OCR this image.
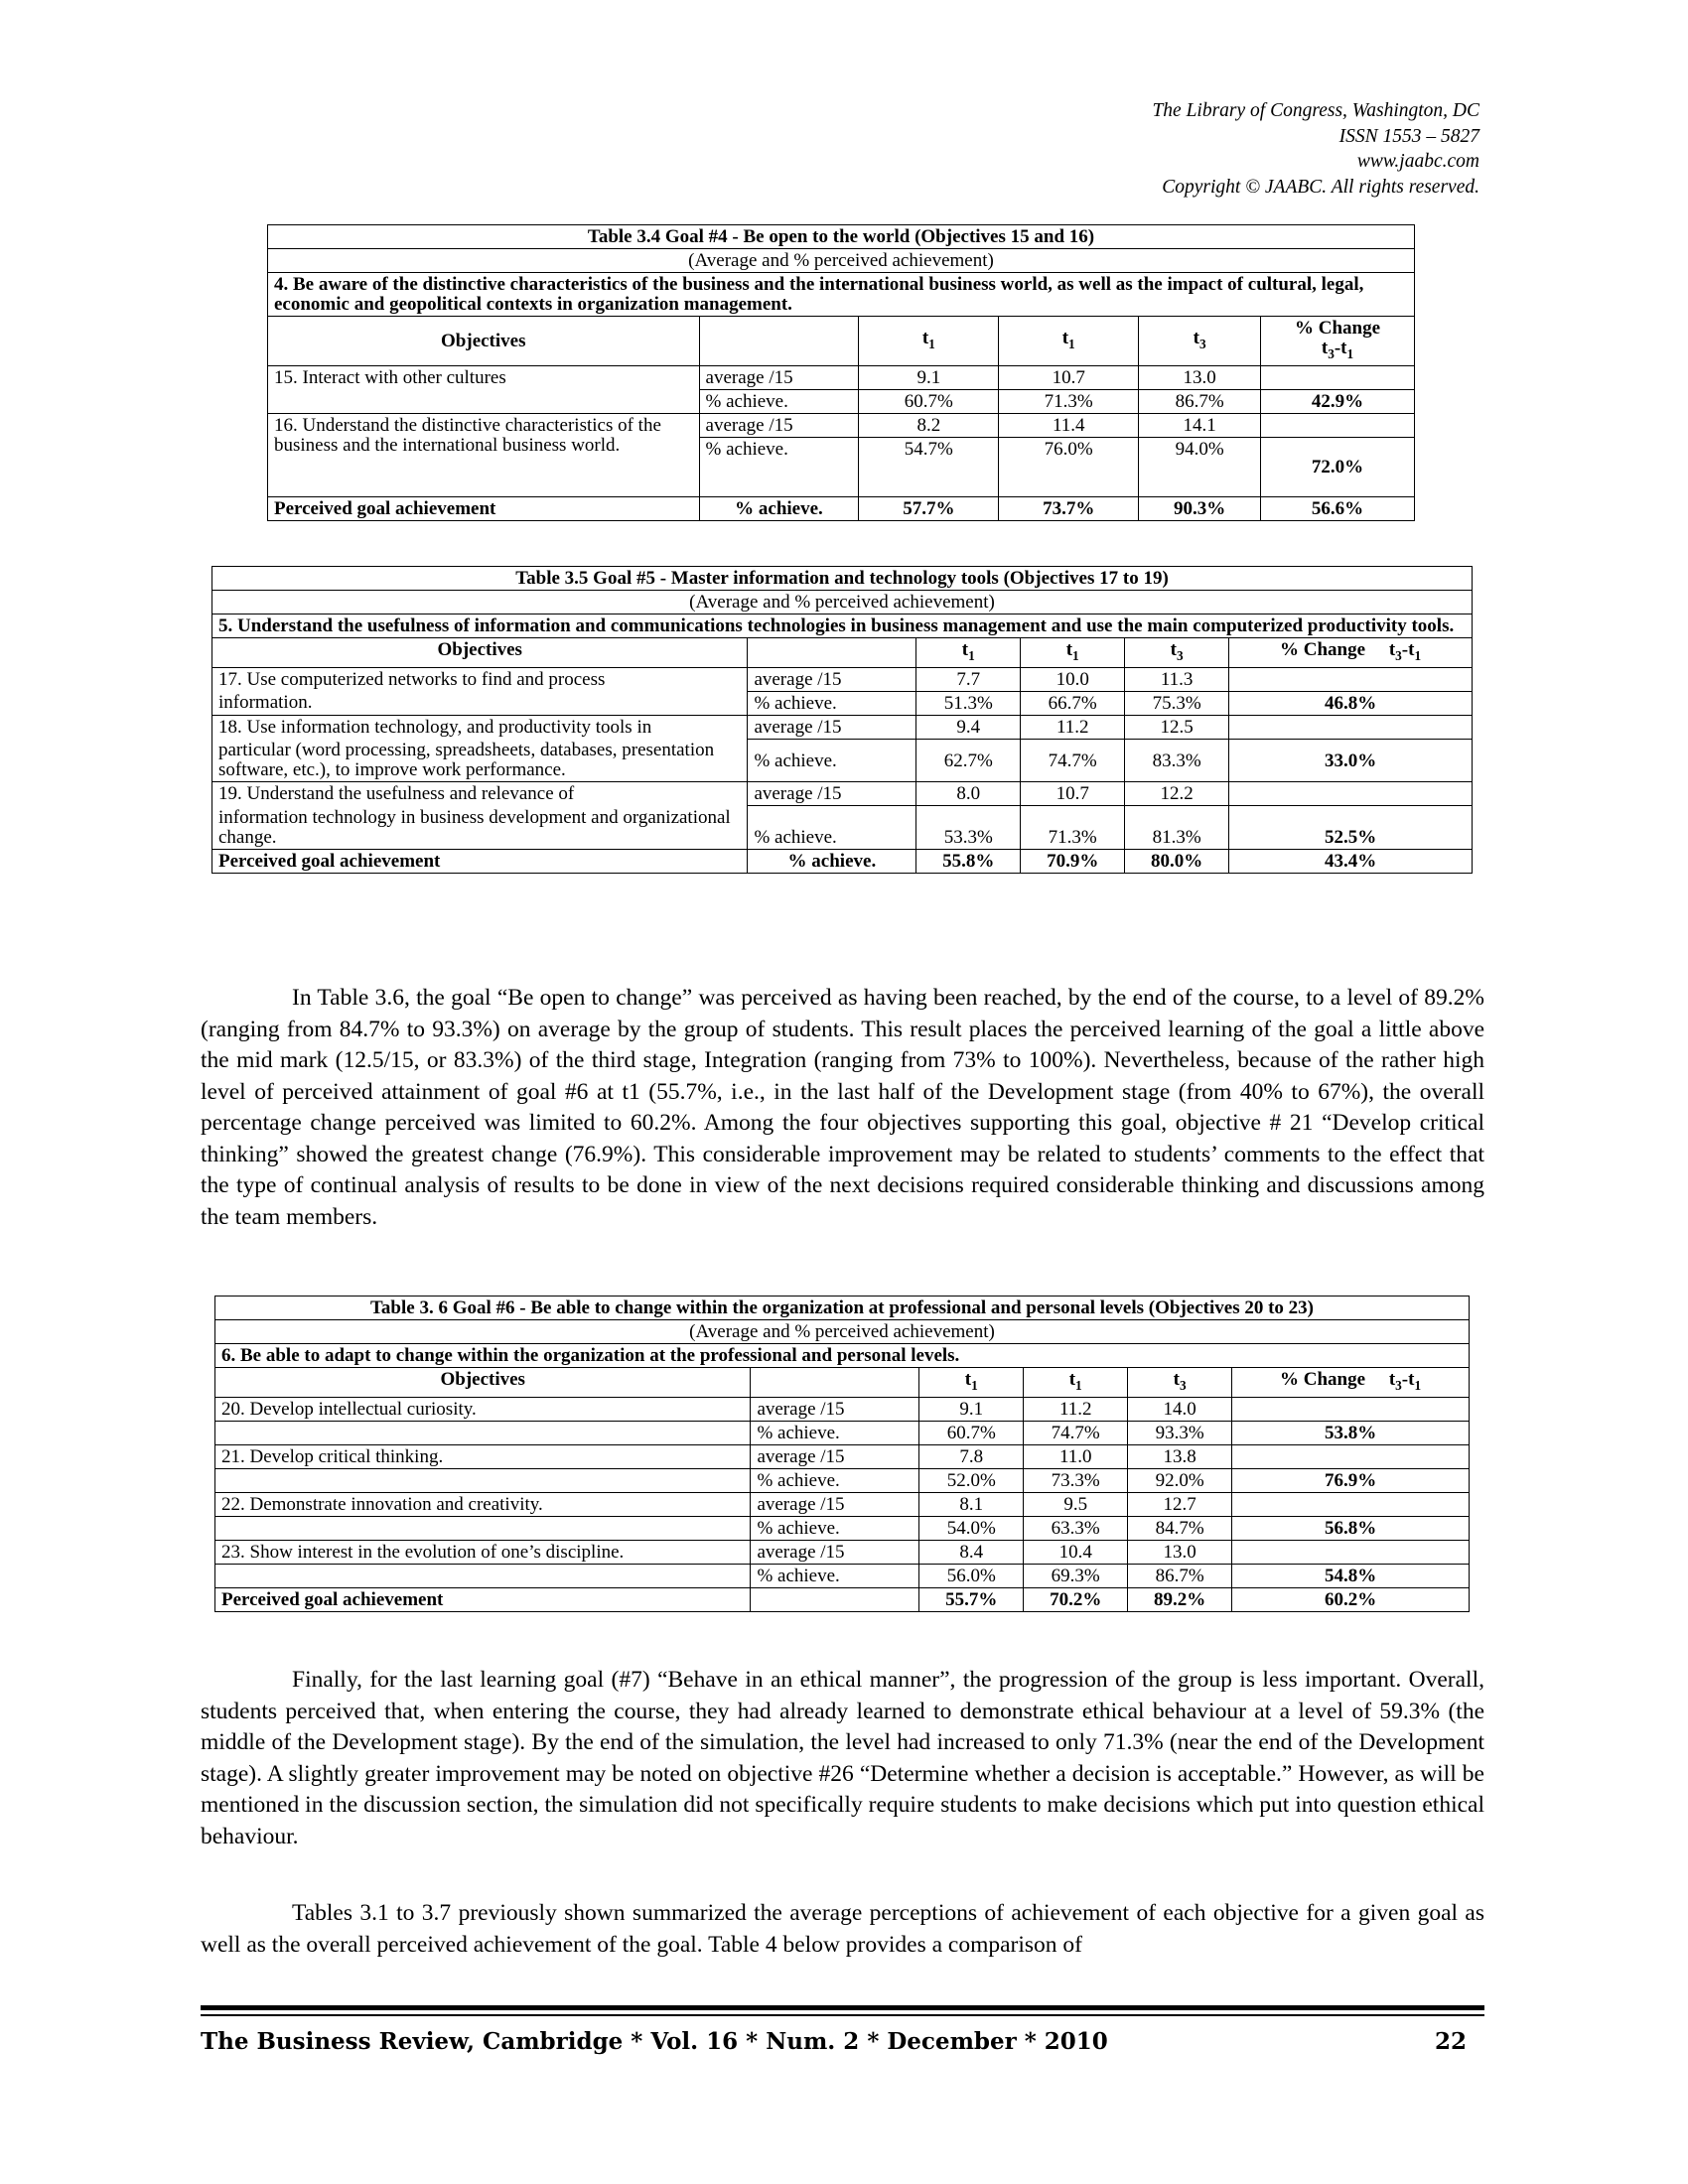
The Library of Congress, Washington, DC
ISSN 1553 – 5827
www.jaabc.com
Copyright © JAABC. All rights reserved.
Table 3.4 Goal #4 - Be open to the world (Objectives 15 and 16)					
(Average and % perceived achievement)					
4. Be aware of the distinctive characteristics of the business and the international business world, as well as the impact of cultural, legal, economic and geopolitical contexts in organization management.					
Objectives		$t_1$	$t_1$	$t_3$	% Change
$t_3-t_1$

15. Interact with other cultures	average /15	9.1	10.7	13.0	
	% achieve.	60.7%	71.3%	86.7%	42.9%
16. Understand the distinctive characteristics of the business and the international business world.	average /15	8.2	11.4	14.1	
	% achieve.	54.7%	76.0%	94.0%	72.0%
Perceived goal achievement	% achieve.	57.7%	73.7%	90.3%	56.6%
Table 3.5 Goal #5 - Master information and technology tools (Objectives 17 to 19)					
(Average and % perceived achievement)					
5. Understand the usefulness of information and communications technologies in business management and use the main computerized productivity tools.					
Objectives		$t_1$	$t_1$	$t_3$	% Change     $t_3-t_1$
17. Use computerized networks to find and process	average /15	7.7	10.0	11.3	
information.	% achieve.	51.3%	66.7%	75.3%	46.8%
18. Use information technology, and productivity tools in	average /15	9.4	11.2	12.5	
particular (word processing, spreadsheets, databases, presentation software, etc.), to improve work performance.	% achieve.	62.7%	74.7%	83.3%	33.0%
19. Understand the usefulness and relevance of	average /15	8.0	10.7	12.2	
information technology in business development and organizational change.	% achieve.	53.3%	71.3%	81.3%	52.5%
Perceived goal achievement	% achieve.	55.8%	70.9%	80.0%	43.4%
In Table 3.6, the goal “Be open to change” was perceived as having been reached, by the end of the course, to a level of 89.2% (ranging from 84.7% to 93.3%) on average by the group of students. This result places the perceived learning of the goal a little above the mid mark (12.5/15, or 83.3%) of the third stage, Integration (ranging from 73% to 100%). Nevertheless, because of the rather high level of perceived attainment of goal #6 at t1 (55.7%, i.e., in the last half of the Development stage (from 40% to 67%), the overall percentage change perceived was limited to 60.2%. Among the four objectives supporting this goal, objective # 21 “Develop critical thinking” showed the greatest change (76.9%). This considerable improvement may be related to students’ comments to the effect that the type of continual analysis of results to be done in view of the next decisions required considerable thinking and discussions among the team members.
Table 3. 6 Goal #6 - Be able to change within the organization at professional and personal levels (Objectives 20 to 23)					
(Average and % perceived achievement)					
6. Be able to adapt to change within the organization at the professional and personal levels.					
Objectives		$t_1$	$t_1$	$t_3$	% Change     $t_3-t_1$
20. Develop intellectual curiosity.	average /15	9.1	11.2	14.0	
	% achieve.	60.7%	74.7%	93.3%	53.8%
21. Develop critical thinking.	average /15	7.8	11.0	13.8	
	% achieve.	52.0%	73.3%	92.0%	76.9%
22. Demonstrate innovation and creativity.	average /15	8.1	9.5	12.7	
	% achieve.	54.0%	63.3%	84.7%	56.8%
23. Show interest in the evolution of one’s discipline.	average /15	8.4	10.4	13.0	
	% achieve.	56.0%	69.3%	86.7%	54.8%
Perceived goal achievement		55.7%	70.2%	89.2%	60.2%
Finally, for the last learning goal (#7) “Behave in an ethical manner”, the progression of the group is less important. Overall, students perceived that, when entering the course, they had already learned to demonstrate ethical behaviour at a level of 59.3% (the middle of the Development stage). By the end of the simulation, the level had increased to only 71.3% (near the end of the Development stage). A slightly greater improvement may be noted on objective #26 “Determine whether a decision is acceptable.” However, as will be mentioned in the discussion section, the simulation did not specifically require students to make decisions which put into question ethical behaviour.
Tables 3.1 to 3.7 previously shown summarized the average perceptions of achievement of each objective for a given goal as well as the overall perceived achievement of the goal. Table 4 below provides a comparison of
The Business Review, Cambridge * Vol. 16 * Num. 2 * December * 2010	22
